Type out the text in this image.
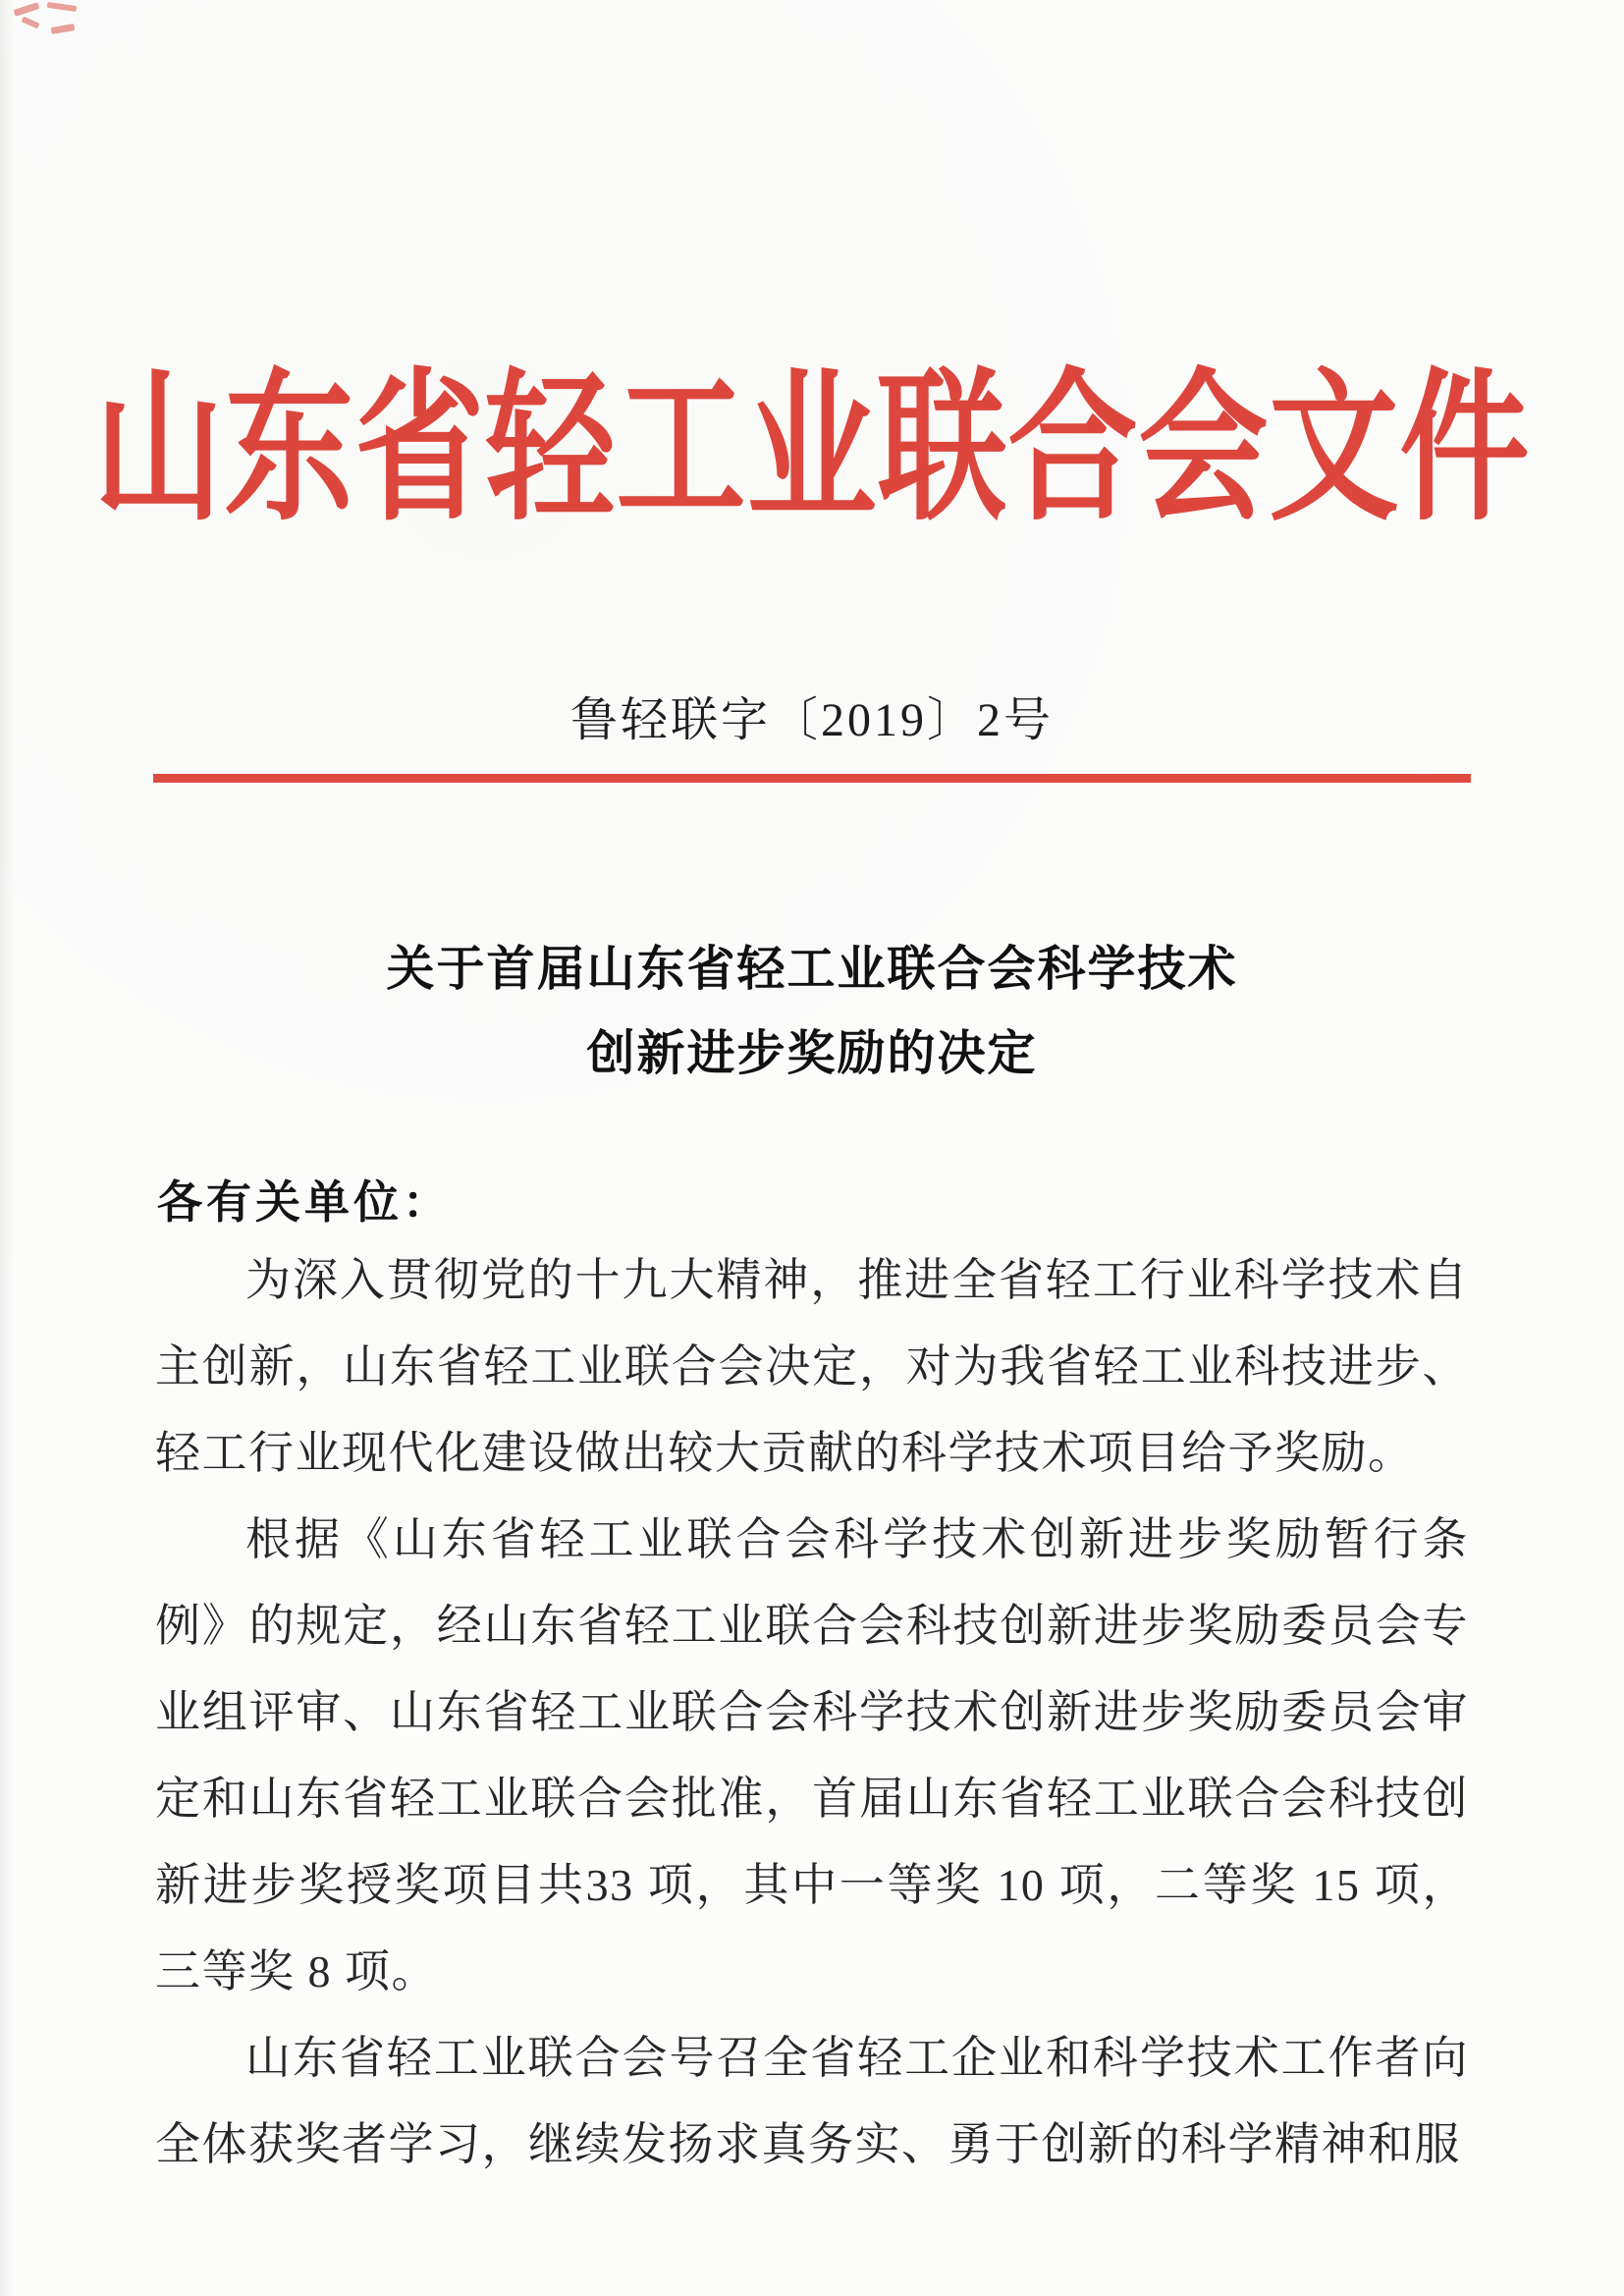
山东省轻工业联合会文件
鲁轻联字〔2019〕2号
关于首届山东省轻工业联合会科学技术
创新进步奖励的决定
各有关单位：

为深入贯彻党的十九大精神，推进全省轻工行业科学技术自主创新，山东省轻工业联合会决定，对为我省轻工业科技进步、轻工行业现代化建设做出较大贡献的科学技术项目给予奖励。

根据《山东省轻工业联合会科学技术创新进步奖励暂行条例》的规定，经山东省轻工业联合会科技创新进步奖励委员会专业组评审、山东省轻工业联合会科学技术创新进步奖励委员会审定和山东省轻工业联合会批准，首届山东省轻工业联合会科技创新进步奖授奖项目共33 项，其中一等奖 10 项，二等奖 15 项，三等奖 8 项。

山东省轻工业联合会号召全省轻工企业和科学技术工作者向全体获奖者学习，继续发扬求真务实、勇于创新的科学精神和服
